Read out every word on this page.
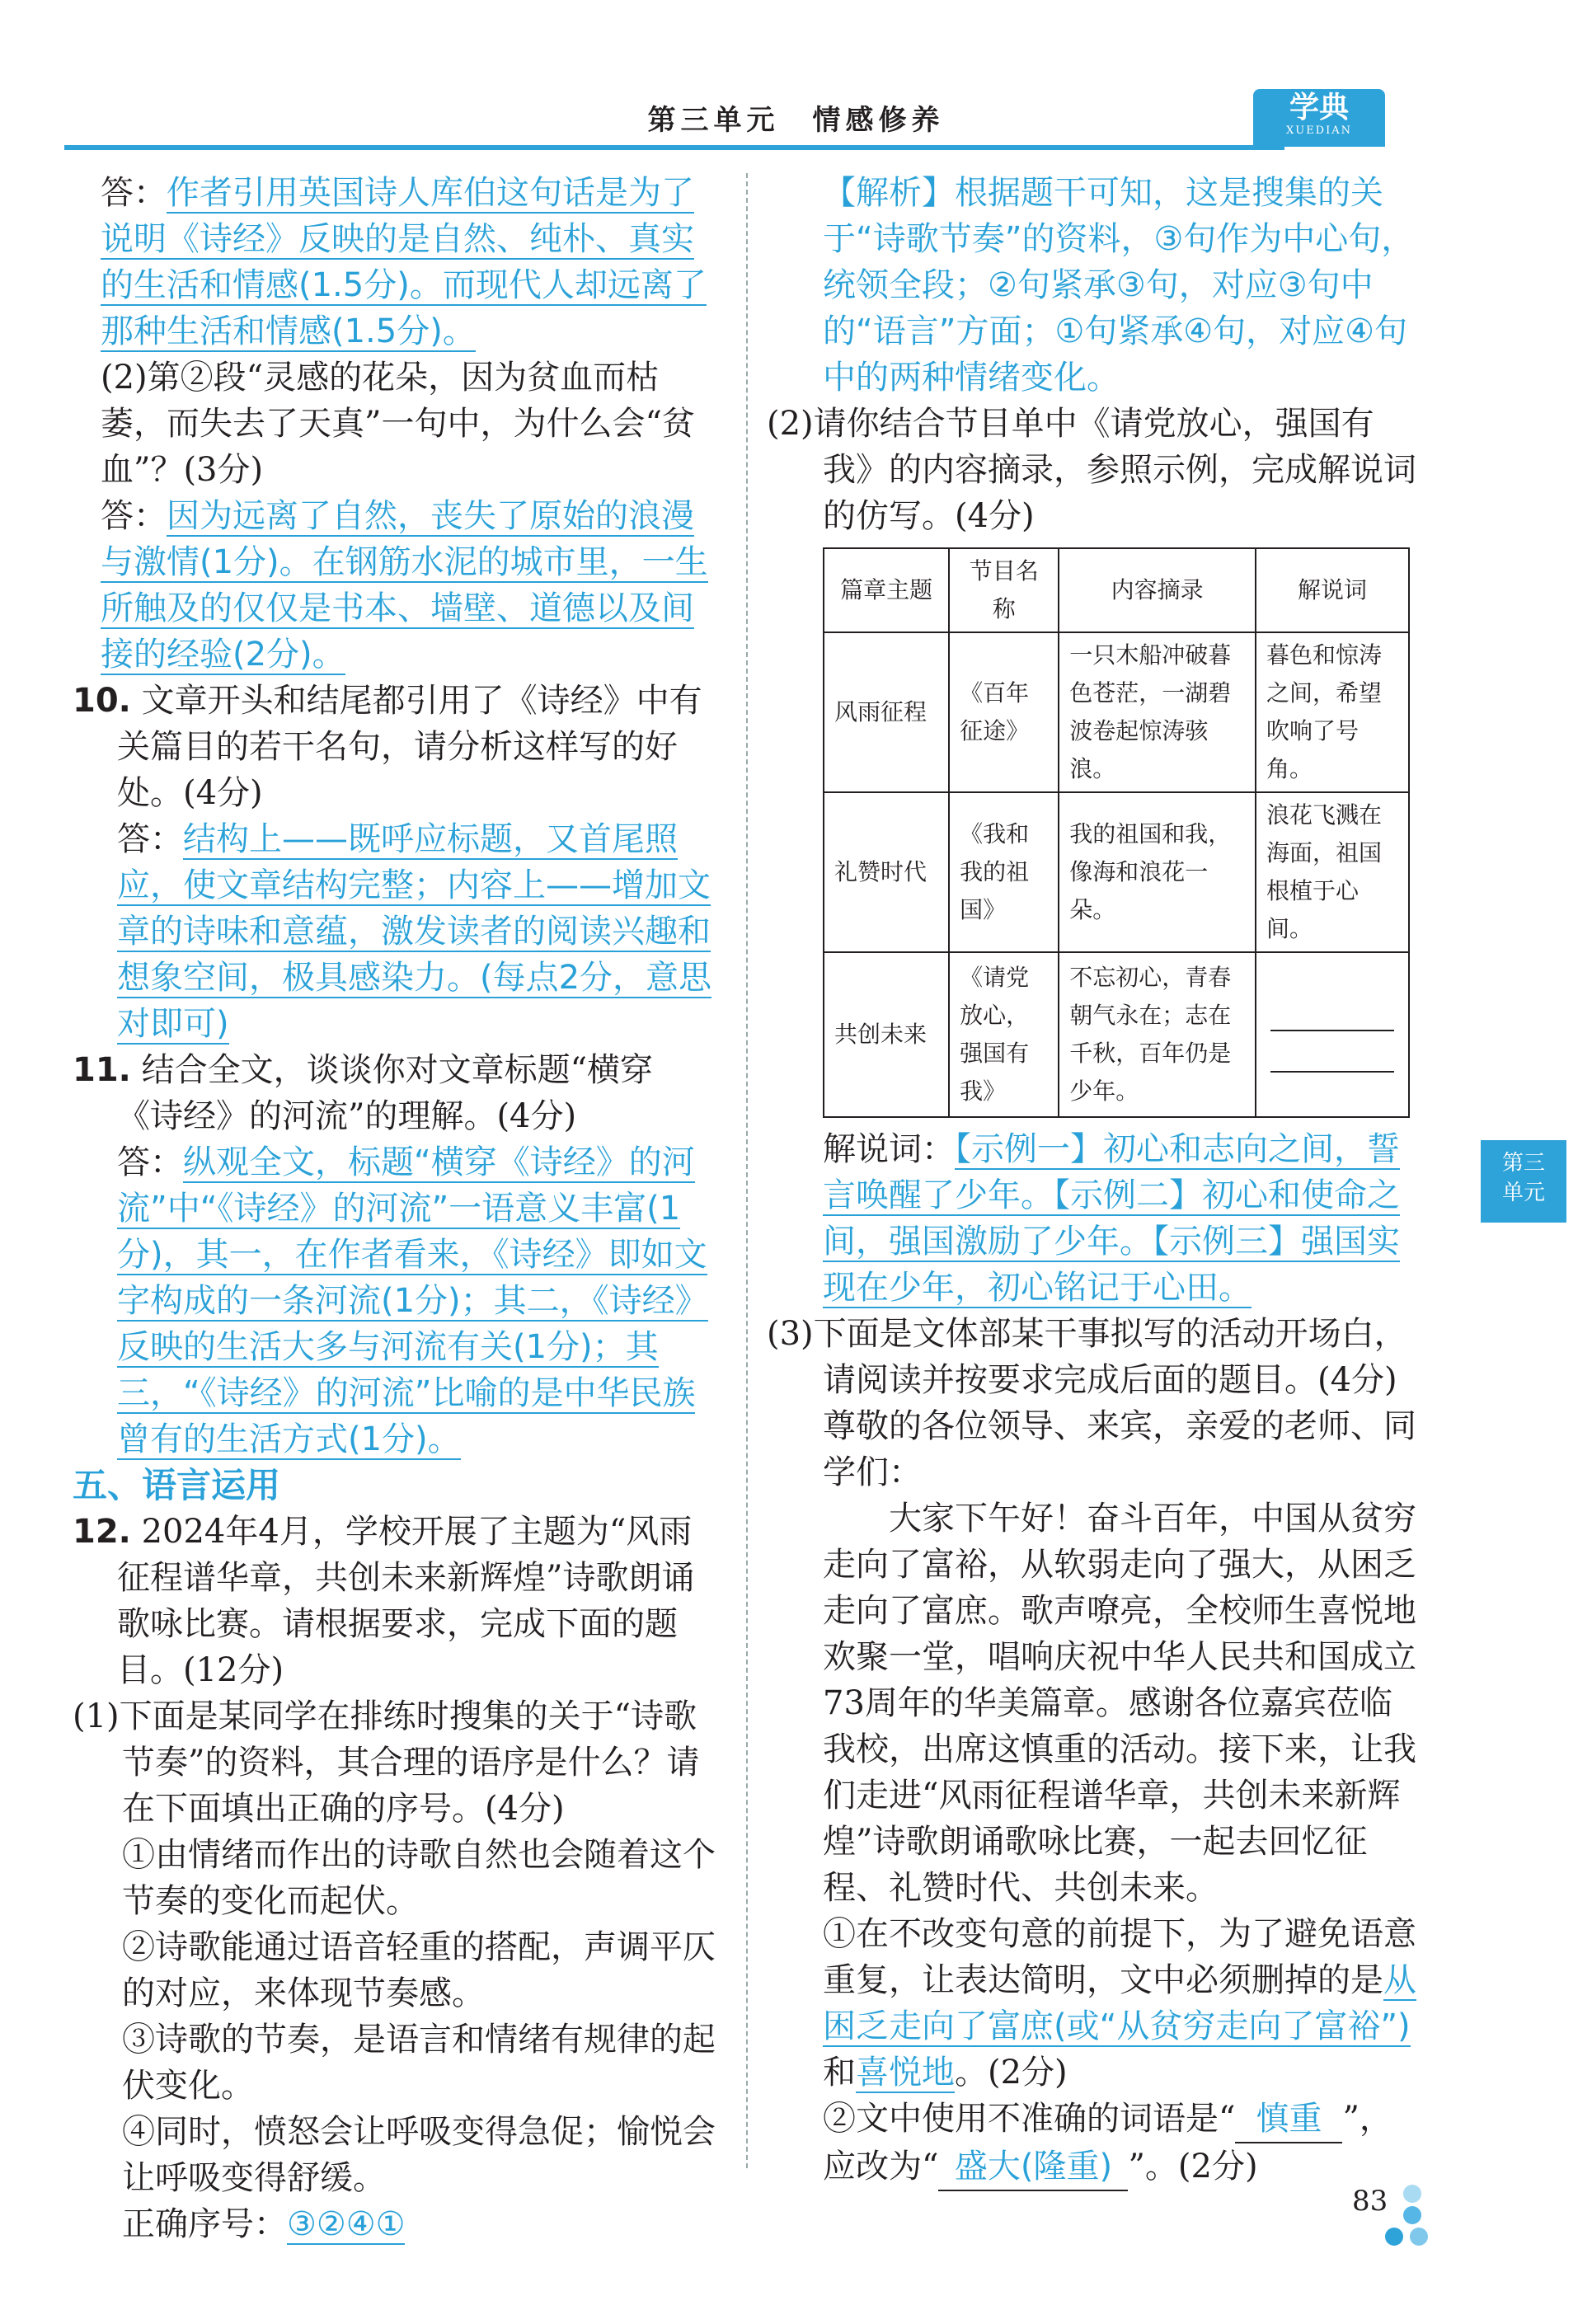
第三单元　情感修养	学典
XUEDIAN

答：作者引用英国诗人库伯这句话是为了说明《诗经》反映的是自然、纯朴、真实的生活和情感(1.5分)。而现代人却远离了那种生活和情感(1.5分)。

(2)第②段“灵感的花朵，因为贫血而枯萎，而失去了天真”一句中，为什么会“贫血”？(3分)

答：因为远离了自然，丧失了原始的浪漫与激情(1分)。在钢筋水泥的城市里，一生所触及的仅仅是书本、墙壁、道德以及间接的经验(2分)。

10. 文章开头和结尾都引用了《诗经》中有关篇目的若干名句，请分析这样写的好处。(4分)

答：结构上——既呼应标题，又首尾照应，使文章结构完整；内容上——增加文章的诗味和意蕴，激发读者的阅读兴趣和想象空间，极具感染力。(每点2分，意思对即可)

11. 结合全文，谈谈你对文章标题“横穿《诗经》的河流”的理解。(4分)

答：纵观全文，标题“横穿《诗经》的河流”中“《诗经》的河流”一语意义丰富(1分)，其一，在作者看来，《诗经》即如文字构成的一条河流(1分)；其二，《诗经》反映的生活大多与河流有关(1分)；其三，“《诗经》的河流”比喻的是中华民族曾有的生活方式(1分)。

五、语言运用

12. 2024年4月，学校开展了主题为“风雨征程谱华章，共创未来新辉煌”诗歌朗诵歌咏比赛。请根据要求，完成下面的题目。(12分)

(1)下面是某同学在排练时搜集的关于“诗歌节奏”的资料，其合理的语序是什么？请在下面填出正确的序号。(4分)

①由情绪而作出的诗歌自然也会随着这个节奏的变化而起伏。

②诗歌能通过语音轻重的搭配，声调平仄的对应，来体现节奏感。

③诗歌的节奏，是语言和情绪有规律的起伏变化。

④同时，愤怒会让呼吸变得急促；愉悦会让呼吸变得舒缓。

正确序号：③②④①

【解析】根据题干可知，这是搜集的关于“诗歌节奏”的资料，③句作为中心句，统领全段；②句紧承③句，对应③句中的“语言”方面；①句紧承④句，对应④句中的两种情绪变化。

(2)请你结合节目单中《请党放心，强国有我》的内容摘录，参照示例，完成解说词的仿写。(4分)

篇章主题	节目名称	内容摘录	解说词
风雨征程	《百年征途》	一只木船冲破暮色苍茫，一湖碧波卷起惊涛骇浪。	暮色和惊涛之间，希望吹响了号角。
礼赞时代	《我和我的祖国》	我的祖国和我，像海和浪花一朵。	浪花飞溅在海面，祖国根植于心间。
共创未来	《请党放心，强国有我》	不忘初心，青春朝气永在；志在千秋，百年仍是少年。	

解说词：【示例一】初心和志向之间，誓言唤醒了少年。【示例二】初心和使命之间，强国激励了少年。【示例三】强国实现在少年，初心铭记于心田。

(3)下面是文体部某干事拟写的活动开场白，请阅读并按要求完成后面的题目。(4分)

尊敬的各位领导、来宾，亲爱的老师、同学们：

大家下午好！奋斗百年，中国从贫穷走向了富裕，从软弱走向了强大，从困乏走向了富庶。歌声嘹亮，全校师生喜悦地欢聚一堂，唱响庆祝中华人民共和国成立73周年的华美篇章。感谢各位嘉宾莅临我校，出席这慎重的活动。接下来，让我们走进“风雨征程谱华章，共创未来新辉煌”诗歌朗诵歌咏比赛，一起去回忆征程、礼赞时代、共创未来。

①在不改变句意的前提下，为了避免语意重复，让表达简明，文中必须删掉的是从困乏走向了富庶(或“从贫穷走向了富裕”)和喜悦地。(2分)

②文中使用不准确的词语是“ 慎重 ”，应改为“ 盛大(隆重) ”。(2分)

第三
单元
83
